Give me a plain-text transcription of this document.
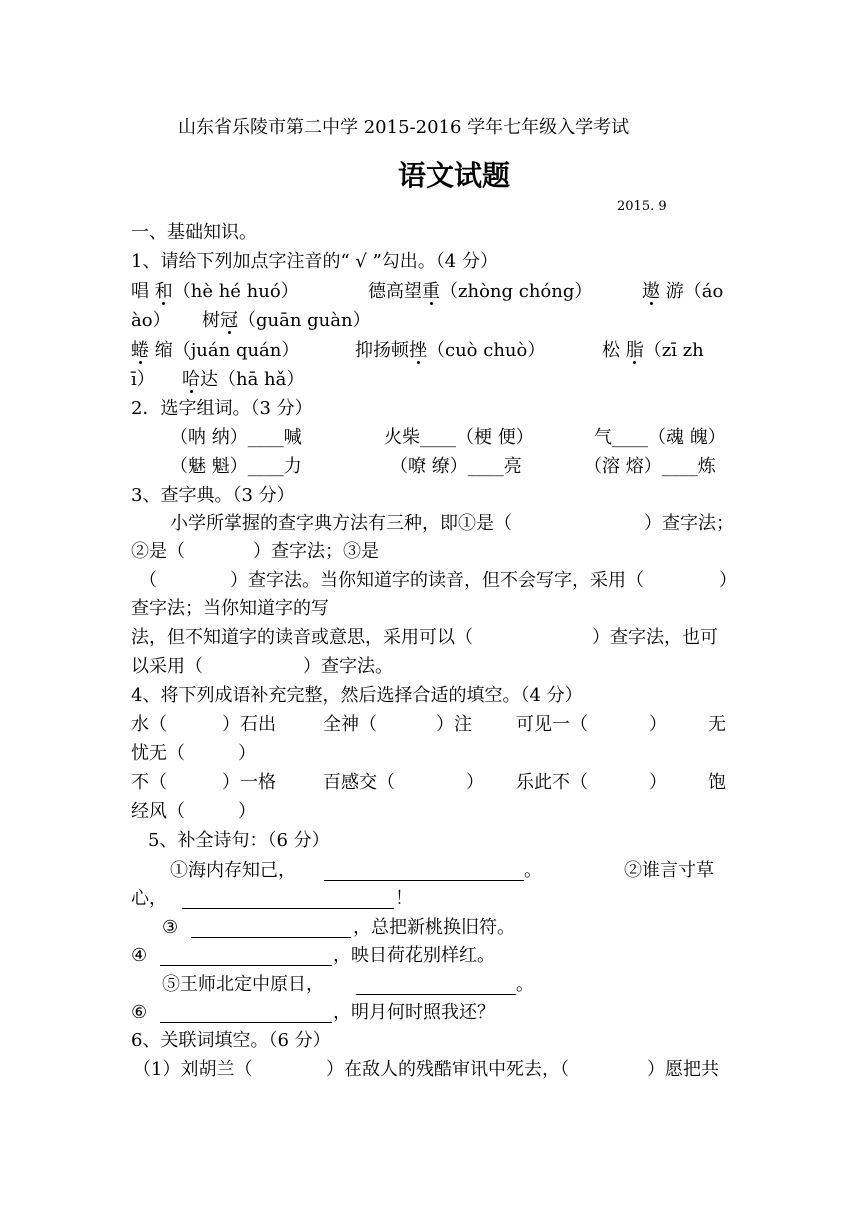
山东省乐陵市第二中学 2015-2016 学年七年级入学考试
语文试题
2015. 9
一、基础知识。
1、请给下列加点字注音的“ √ ”勾出。（4 分）
唱 和（hè hé huó）	德高望重（zhòng chóng）	遨 游（áo
ào） 树冠（guān guàn）
蜷 缩（juán quán）	抑扬顿挫（cuò chuò）	松 脂（zī zh
ī） 哈达（hā hǎ）
2．选字组词。（3 分）
（呐 纳）____喊	火柴____（梗 便）	气____（魂 魄）
（魅 魁）____力	（嘹 缭）____亮	（溶 熔）____炼
3、查字典。（3 分）
小学所掌握的查字典方法有三种，即①是（	）查字法；
②是（	）查字法；③是
（	）查字法。当你知道字的读音，但不会写字，采用（	）
查字法；当你知道字的写
法，但不知道字的读音或意思，采用可以（	）查字法，也可
以采用（	）查字法。
4、将下列成语补充完整，然后选择合适的填空。（4 分）
水（	）石出	全神（	）注 可见一（	） 无
忧无（	）
不（	）一格	百感交（	） 乐此不（	） 饱
经风（	）
5、补全诗句：（6 分）
①海内存知己，	。	②谁言寸草
心，	！
③	，总把新桃换旧符。
④	，映日荷花别样红。
⑤王师北定中原日，	。
⑥	，明月何时照我还？
6、关联词填空。（6 分）
（1）刘胡兰（	）在敌人的残酷审讯中死去，（	）愿把共
